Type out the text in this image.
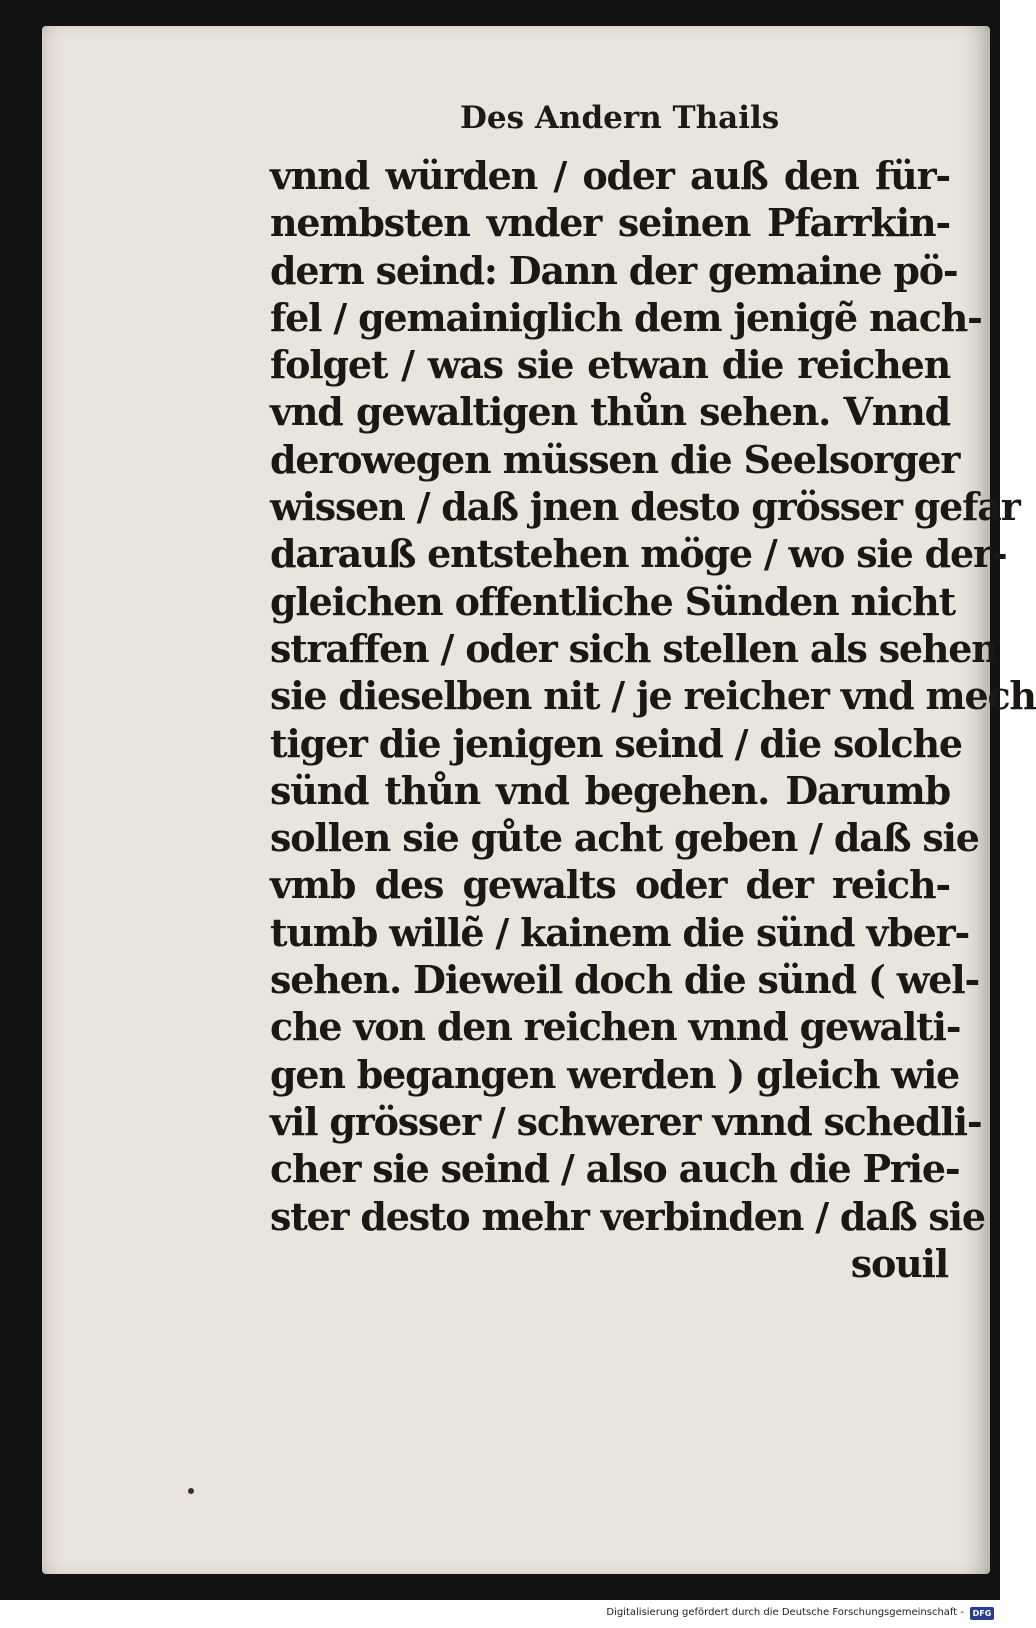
Des Andern Thails
vnnd würden / oder auß den für-
nembsten vnder seinen Pfarrkin-
dern seind: Dann der gemaine pö-
fel / gemainiglich dem jenigẽ nach-
folget / was sie etwan die reichen
vnd gewaltigen thůn sehen. Vnnd
derowegen müssen die Seelsorger
wissen / daß jnen desto grösser gefar
darauß entstehen möge / wo sie der-
gleichen offentliche Sünden nicht
straffen / oder sich stellen als sehen
sie dieselben nit / je reicher vnd mech
tiger die jenigen seind / die solche
sünd thůn vnd begehen. Darumb
sollen sie gůte acht geben / daß sie
vmb des gewalts oder der reich-
tumb willẽ / kainem die sünd vber-
sehen. Dieweil doch die sünd ( wel-
che von den reichen vnnd gewalti-
gen begangen werden ) gleich wie
vil grösser / schwerer vnnd schedli-
cher sie seind / also auch die Prie-
ster desto mehr verbinden / daß sie
souil
Digitalisierung gefördert durch die Deutsche Forschungsgemeinschaft -	DFG
